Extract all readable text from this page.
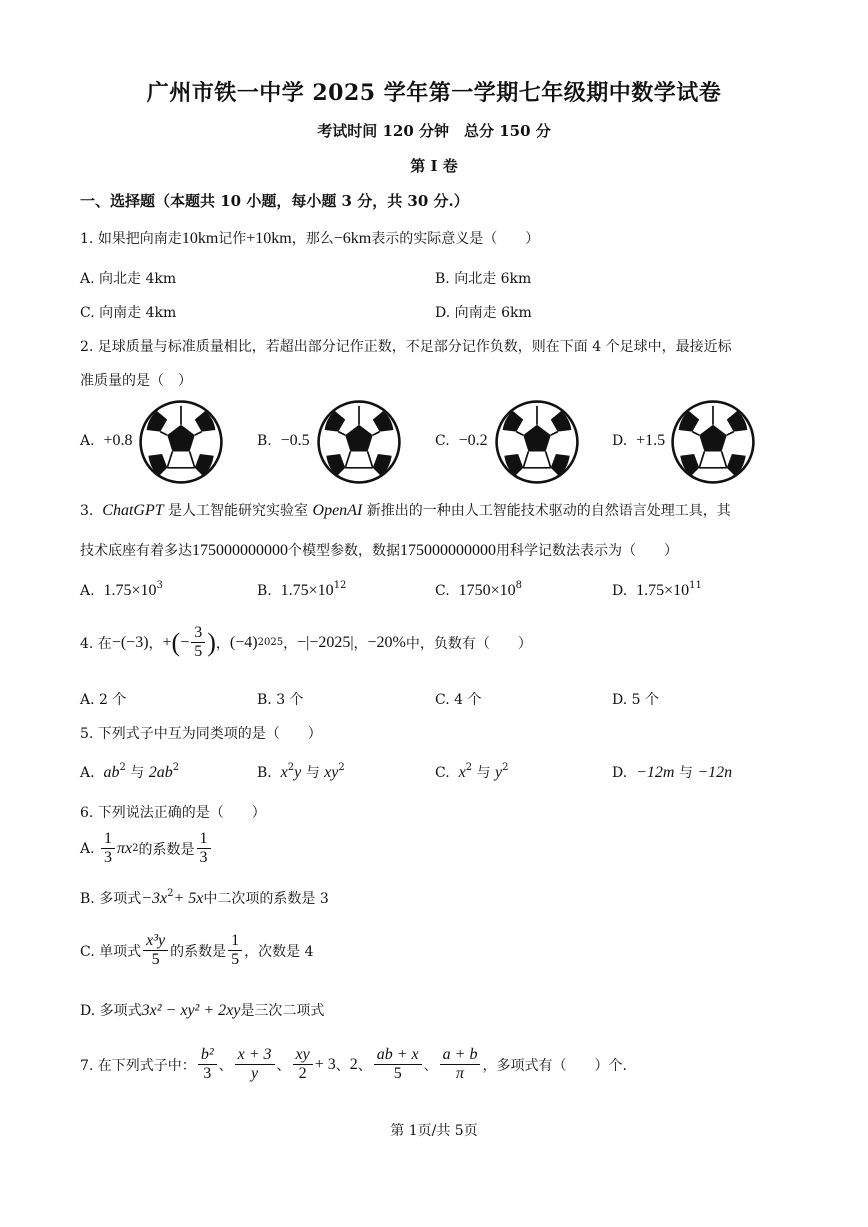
广州市铁一中学 2025 学年第一学期七年级期中数学试卷
考试时间 120 分钟　总分 150 分
第 I 卷
一、选择题（本题共 10 小题，每小题 3 分，共 30 分.）
1. 如果把向南走10km记作+10km，那么−6km表示的实际意义是（　　）
A. 向北走 4km	B. 向北走 6km
C. 向南走 4km	D. 向南走 6km
2. 足球质量与标准质量相比，若超出部分记作正数，不足部分记作负数，则在下面 4 个足球中，最接近标
准质量的是（　）
A. +0.8	B. −0.5	C. −0.2	D. +1.5
3. ChatGPT 是人工智能研究实验室 OpenAI 新推出的一种由人工智能技术驱动的自然语言处理工具，其
技术底座有着多达175000000000个模型参数，数据175000000000用科学记数法表示为（　　）
A. $1.75\times 10^3$	B. $1.75\times 10^{12}$	C. $1750\times 10^8$	D. $1.75\times 10^{11}$
4. 在 −(−3) ， + ( − $\frac{3}{5}$ ) ， (−4) 2025 ， −|−2025| ， −20% 中，负数有（　　）
A. 2 个	B. 3 个	C. 4 个	D. 5 个
5. 下列式子中互为同类项的是（　　）
A. $ab^2$ 与 $2ab^2$	B. $x^2y$ 与 $xy^2$	C. $x^2$ 与 $y^2$	D. −12m 与 −12n
6. 下列说法正确的是（　　）
A.
$\frac{1}{3}$ πx 2 的系数是 $\frac{1}{3}$
B. 多项式$-3x^2+ 5x$中二次项的系数是 3
C. 单项式 $\frac{\text{x³y}}{5}$ 的系数是 $\frac{1}{5}$ ，次数是 4
D. 多项式3x² − xy² + 2xy是三次二项式
7. 在下列式子中： $\frac{\text{b²}}{3}$ 、 $\frac{x + 3}{y}$ 、 $\frac{xy}{2} + 3$ 、 2 、 $\frac{ab + x}{5}$ 、 $\frac{a + b}{\pi}$ ，多项式有（　　）个.
第 1页/共 5页
